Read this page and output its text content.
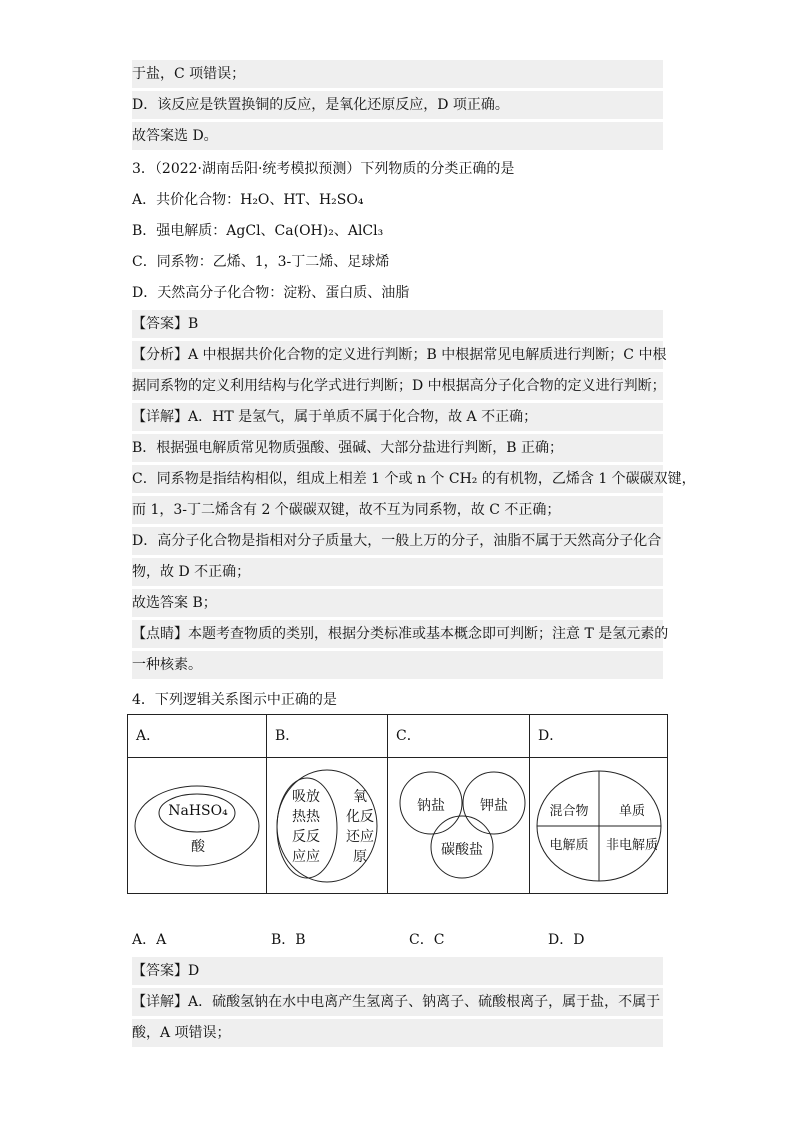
于盐，C 项错误；
D．该反应是铁置换铜的反应，是氧化还原反应，D 项正确。
故答案选 D。
3．（2022·湖南岳阳·统考模拟预测）下列物质的分类正确的是
A．共价化合物：H₂O、HT、H₂SO₄
B．强电解质：AgCl、Ca(OH)₂、AlCl₃
C．同系物：乙烯、1，3-丁二烯、足球烯
D．天然高分子化合物：淀粉、蛋白质、油脂
【答案】B
【分析】A 中根据共价化合物的定义进行判断；B 中根据常见电解质进行判断；C 中根
据同系物的定义利用结构与化学式进行判断；D 中根据高分子化合物的定义进行判断；
【详解】A．HT 是氢气，属于单质不属于化合物，故 A 不正确；
B．根据强电解质常见物质强酸、强碱、大部分盐进行判断，B 正确；
C．同系物是指结构相似，组成上相差 1 个或 n 个 CH₂ 的有机物，乙烯含 1 个碳碳双键，
而 1，3-丁二烯含有 2 个碳碳双键，故不互为同系物，故 C 不正确；
D．高分子化合物是指相对分子质量大，一般上万的分子，油脂不属于天然高分子化合
物，故 D 不正确；
故选答案 B；
【点睛】本题考查物质的类别，根据分类标准或基本概念即可判断；注意 T 是氢元素的
一种核素。
4．下列逻辑关系图示中正确的是
A．	B．	C．	D．
NaHSO₄
酸
吸放
热热
反反
应应
氧
化反
还应
原
钠盐	钾盐
碳酸盐
混合物	单质
电解质	非电解质
A．A	B．B	C．C	D．D
【答案】D
【详解】A．硫酸氢钠在水中电离产生氢离子、钠离子、硫酸根离子，属于盐，不属于
酸，A 项错误；
